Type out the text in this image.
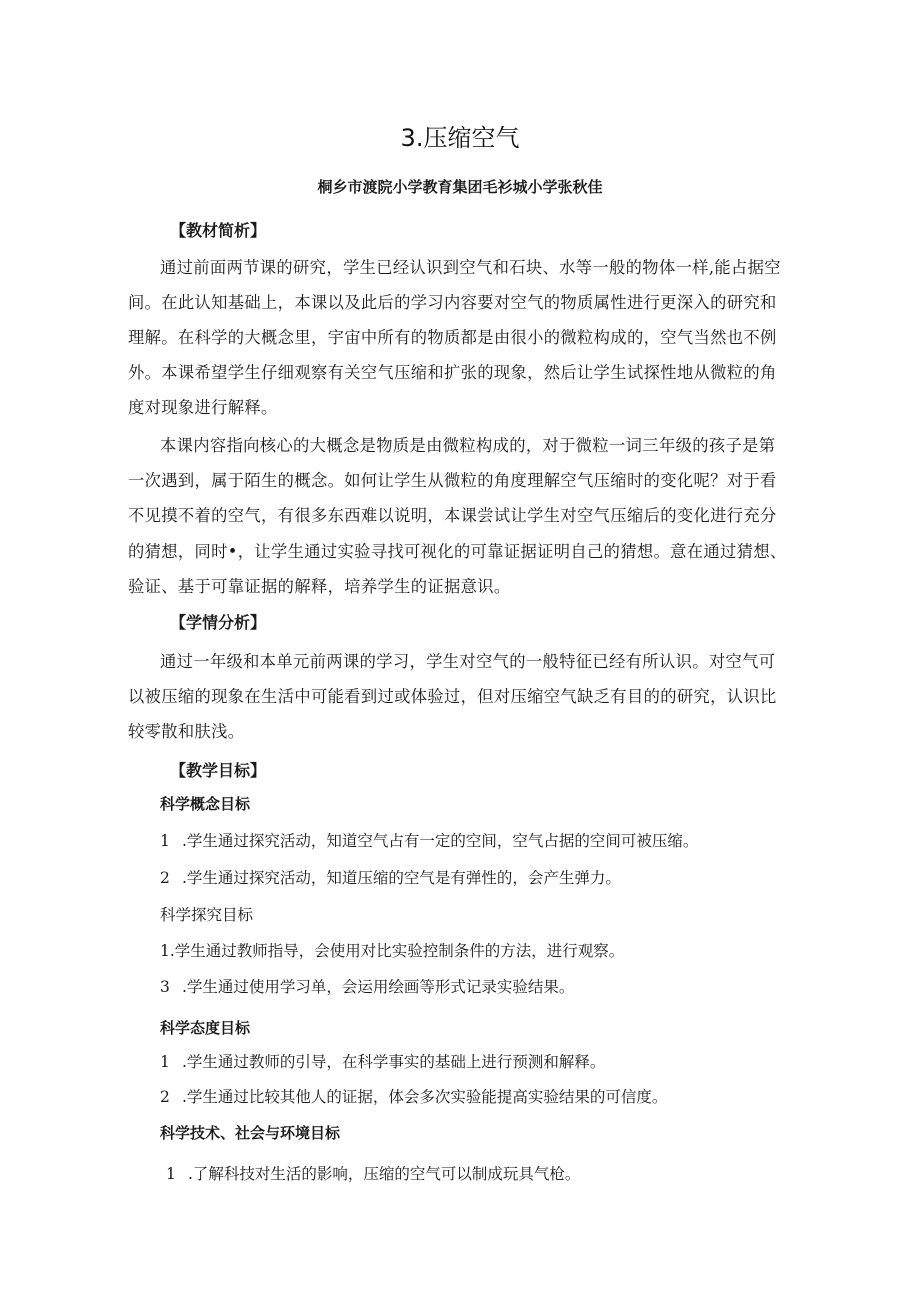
3.压缩空气
桐乡市渡院小学教育集团毛衫城小学张秋佳
【教材简析】
通过前面两节课的研究，学生已经认识到空气和石块、水等一般的物体一样,能占据空
间。在此认知基础上，本课以及此后的学习内容要对空气的物质属性进行更深入的研究和
理解。在科学的大概念里，宇宙中所有的物质都是由很小的微粒构成的，空气当然也不例
外。本课希望学生仔细观察有关空气压缩和扩张的现象，然后让学生试探性地从微粒的角
度对现象进行解释。
本课内容指向核心的大概念是物质是由微粒构成的，对于微粒一词三年级的孩子是第
一次遇到，属于陌生的概念。如何让学生从微粒的角度理解空气压缩时的变化呢？对于看
不见摸不着的空气，有很多东西难以说明，本课尝试让学生对空气压缩后的变化进行充分
的猜想，同时•，让学生通过实验寻找可视化的可靠证据证明自己的猜想。意在通过猜想、
验证、基于可靠证据的解释，培养学生的证据意识。
【学情分析】
通过一年级和本单元前两课的学习，学生对空气的一般特征已经有所认识。对空气可
以被压缩的现象在生活中可能看到过或体验过，但对压缩空气缺乏有目的的研究，认识比
较零散和肤浅。
【教学目标】
科学概念目标
1 .学生通过探究活动，知道空气占有一定的空间，空气占据的空间可被压缩。
2 .学生通过探究活动，知道压缩的空气是有弹性的，会产生弹力。
科学探究目标
1.学生通过教师指导，会使用对比实验控制条件的方法，进行观察。
3 .学生通过使用学习单，会运用绘画等形式记录实验结果。
科学态度目标
1 .学生通过教师的引导，在科学事实的基础上进行预测和解释。
2 .学生通过比较其他人的证据，体会多次实验能提高实验结果的可信度。
科学技术、社会与环境目标
1 .了解科技对生活的影响，压缩的空气可以制成玩具气枪。
